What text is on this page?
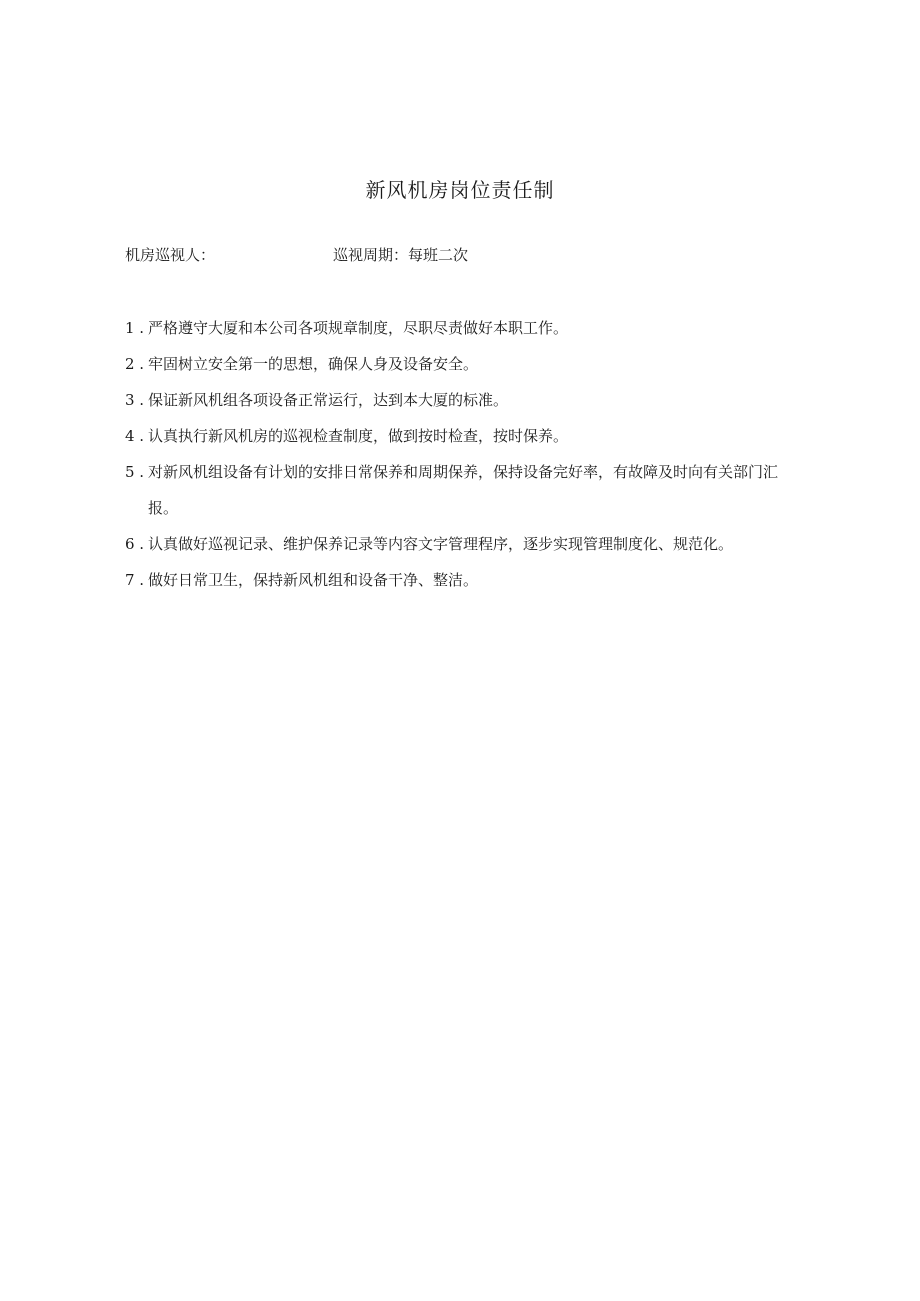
新风机房岗位责任制
机房巡视人：	巡视周期：每班二次
1 . 严格遵守大厦和本公司各项规章制度，尽职尽责做好本职工作。
2 . 牢固树立安全第一的思想，确保人身及设备安全。
3 . 保证新风机组各项设备正常运行，达到本大厦的标准。
4 . 认真执行新风机房的巡视检查制度，做到按时检查，按时保养。
5 . 对新风机组设备有计划的安排日常保养和周期保养，保持设备完好率，有故障及时向有关部门汇报。
6 . 认真做好巡视记录、维护保养记录等内容文字管理程序，逐步实现管理制度化、规范化。
7 . 做好日常卫生，保持新风机组和设备干净、整洁。
